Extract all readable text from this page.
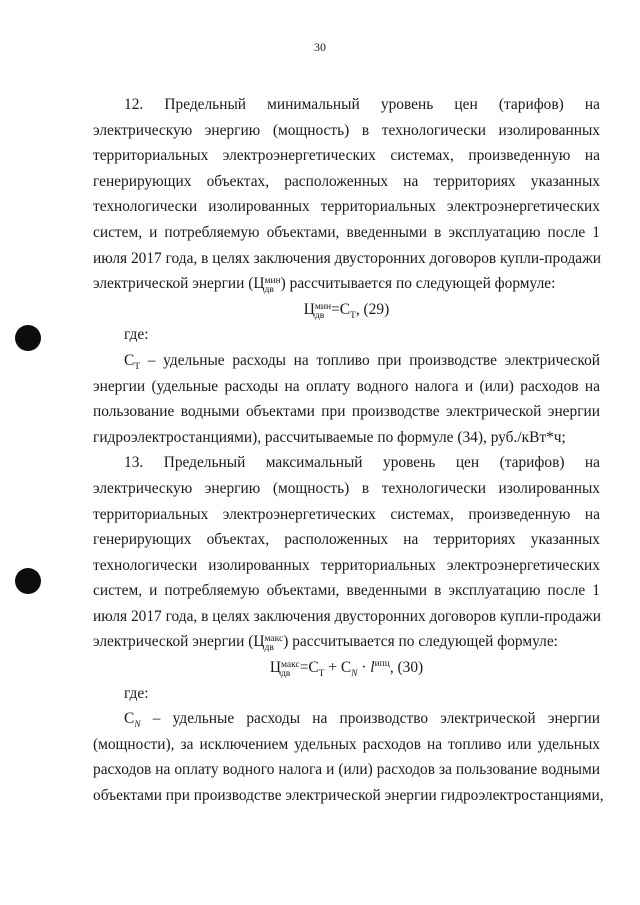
30
12. Предельный минимальный уровень цен (тарифов) на
электрическую энергию (мощность) в технологически изолированных
территориальных электроэнергетических системах, произведенную на
генерирующих объектах, расположенных на территориях указанных
технологически изолированных территориальных электроэнергетических
систем, и потребляемую объектами, введенными в эксплуатацию после 1
июля 2017 года, в целях заключения двусторонних договоров купли-продажи
электрической энергии (Ц мин
дв ) рассчитывается по следующей формуле:
Ц мин
дв $=С_Т$, (29)
где:
$С_Т$ – удельные расходы на топливо при производстве электрической
энергии (удельные расходы на оплату водного налога и (или) расходов на
пользование водными объектами при производстве электрической энергии
гидроэлектростанциями), рассчитываемые по формуле (34), руб./кВт*ч;
13. Предельный максимальный уровень цен (тарифов) на
электрическую энергию (мощность) в технологически изолированных
территориальных электроэнергетических системах, произведенную на
генерирующих объектах, расположенных на территориях указанных
технологически изолированных территориальных электроэнергетических
систем, и потребляемую объектами, введенными в эксплуатацию после 1
июля 2017 года, в целях заключения двусторонних договоров купли-продажи
электрической энергии (Ц макс
дв ) рассчитывается по следующей формуле:
Ц макс
дв $=С_Т + C_N \cdot l^{ипц}$, (30)
где:
$C_N$ – удельные расходы на производство электрической энергии
(мощности), за исключением удельных расходов на топливо или удельных
расходов на оплату водного налога и (или) расходов за пользование водными
объектами при производстве электрической энергии гидроэлектростанциями,
